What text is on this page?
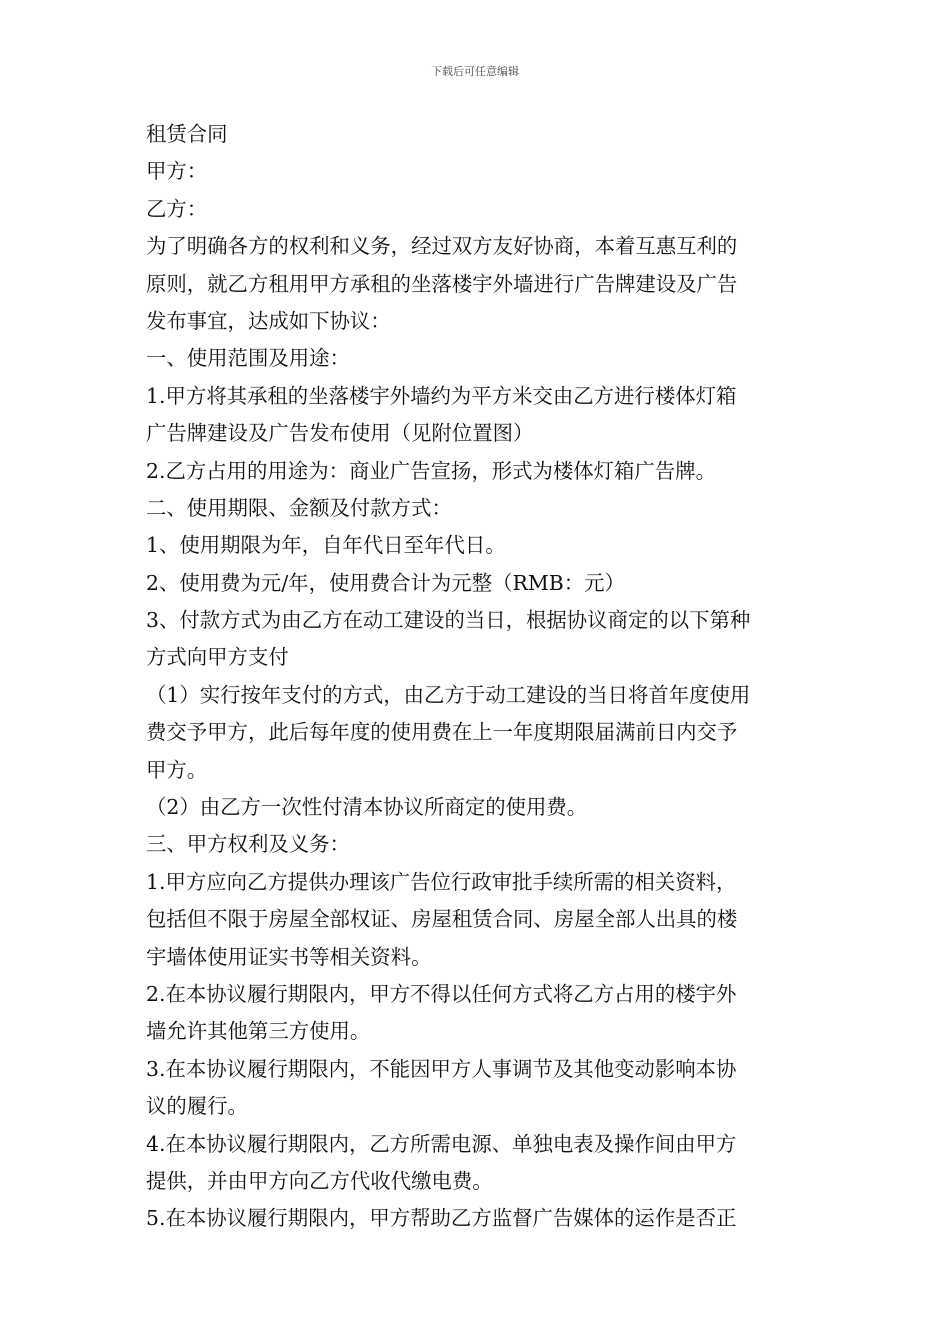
下载后可任意编辑
租赁合同
甲方：
乙方：
为了明确各方的权利和义务，经过双方友好协商，本着互惠互利的
原则，就乙方租用甲方承租的坐落楼宇外墙进行广告牌建设及广告
发布事宜，达成如下协议：
一、使用范围及用途：
1.甲方将其承租的坐落楼宇外墙约为平方米交由乙方进行楼体灯箱
广告牌建设及广告发布使用（见附位置图）
2.乙方占用的用途为：商业广告宣扬，形式为楼体灯箱广告牌。
二、使用期限、金额及付款方式：
1、使用期限为年，自年代日至年代日。
2、使用费为元/年，使用费合计为元整（RMB：元）
3、付款方式为由乙方在动工建设的当日，根据协议商定的以下第种
方式向甲方支付
（1）实行按年支付的方式，由乙方于动工建设的当日将首年度使用
费交予甲方，此后每年度的使用费在上一年度期限届满前日内交予
甲方。
（2）由乙方一次性付清本协议所商定的使用费。
三、甲方权利及义务：
1.甲方应向乙方提供办理该广告位行政审批手续所需的相关资料，
包括但不限于房屋全部权证、房屋租赁合同、房屋全部人出具的楼
宇墙体使用证实书等相关资料。
2.在本协议履行期限内，甲方不得以任何方式将乙方占用的楼宇外
墙允许其他第三方使用。
3.在本协议履行期限内，不能因甲方人事调节及其他变动影响本协
议的履行。
4.在本协议履行期限内，乙方所需电源、单独电表及操作间由甲方
提供，并由甲方向乙方代收代缴电费。
5.在本协议履行期限内，甲方帮助乙方监督广告媒体的运作是否正
